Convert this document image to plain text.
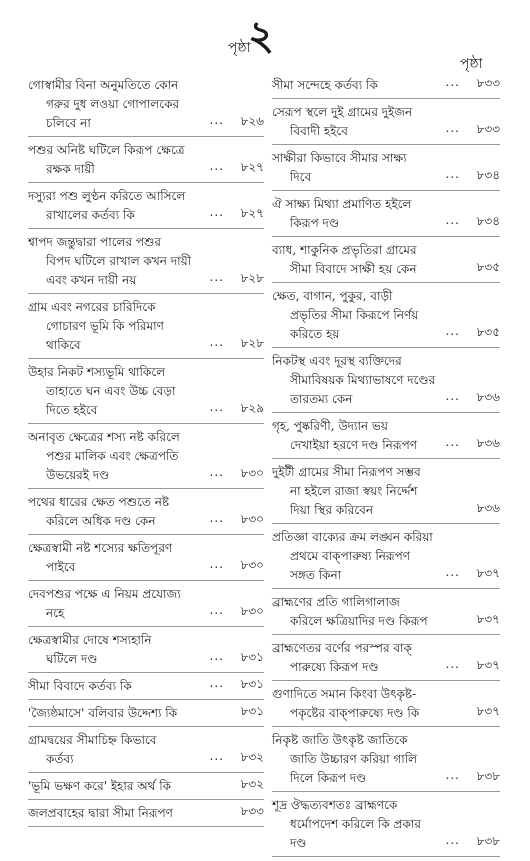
পৃষ্ঠা
২
পৃষ্ঠা
গোস্বামীর বিনা অনুমতিতে কোন
গরুর দুধ লওয়া গোপালকের
চলিবে না	... ৮২৬
পশুর অনিষ্ট ঘটিলে কিরূপ ক্ষেত্রে
রক্ষক দায়ী	... ৮২৭
দস্যুরা পশু লুণ্ঠন করিতে আসিলে
রাখালের কর্তব্য কি	... ৮২৭
শ্বাপদ জন্তুদ্বারা পালের পশুর
বিপদ ঘটিলে রাখাল কখন দায়ী
এবং কখন দায়ী নয়	... ৮২৮
গ্রাম এবং নগরের চারিদিকে
গোচারণ ভূমি কি পরিমাণ
থাকিবে	... ৮২৮
উহার নিকট শস্যভূমি থাকিলে
তাহাতে ঘন এবং উচ্চ বেড়া
দিতে হইবে	... ৮২৯
অনাবৃত ক্ষেত্রের শস্য নষ্ট করিলে
পশুর মালিক এবং ক্ষেত্রপতি
উভয়েরই দণ্ড	... ৮৩০
পথের ধারের ক্ষেত পশুতে নষ্ট
করিলে অধিক দণ্ড কেন	... ৮৩০
ক্ষেত্রস্বামী নষ্ট শস্যের ক্ষতিপূরণ
পাইবে	... ৮৩০
দেবপশুর পক্ষে এ নিয়ম প্রযোজ্য
নহে	... ৮৩০
ক্ষেত্রস্বামীর দোষে শস্যহানি
ঘটিলে দণ্ড	... ৮৩১
সীমা বিবাদে কর্তব্য কি	... ৮৩১
'জ্যৈষ্ঠমাসে' বলিবার উদ্দেশ্য কি	৮৩১
গ্রামদ্বয়ের সীমাচিহ্ন কিভাবে
কর্তব্য	... ৮৩২
'ভূমি ভক্ষণ করে' ইহার অর্থ কি	৮৩২
জলপ্রবাহের দ্বারা সীমা নিরূপণ	৮৩৩
সীমা সন্দেহে কর্তব্য কি	... ৮৩৩
সেরূপ স্থলে দুই গ্রামের দুইজন
বিবাদী হইবে	... ৮৩৩
সাক্ষীরা কিভাবে সীমার সাক্ষ্য
দিবে	... ৮৩৪
ঐ সাক্ষ্য মিথ্যা প্রমাণিত হইলে
কিরূপ দণ্ড	... ৮৩৪
ব্যাধ, শাকুনিক প্রভৃতিরা গ্রামের
সীমা বিবাদে সাক্ষী হয় কেন	৮৩৫
ক্ষেত, বাগান, পুকুর, বাড়ী
প্রভৃতির সীমা কিরূপে নির্ণয়
করিতে হয়	... ৮৩৫
নিকটস্থ এবং দূরস্থ ব্যক্তিদের
সীমাবিষয়ক মিথ্যাভাষণে দণ্ডের
তারতম্য কেন	... ৮৩৬
গৃহ, পুষ্করিণী, উদ্যান ভয়
দেখাইয়া হরণে দণ্ড নিরূপণ	... ৮৩৬
দুইটী গ্রামের সীমা নিরূপণ সম্ভব
না হইলে রাজা স্বয়ং নির্দ্দেশ
দিয়া স্থির করিবেন	৮৩৬
প্রতিজ্ঞা বাক্যের ক্রম লঙ্ঘন করিয়া
প্রথমে বাক্পারুষ্য নিরূপণ
সঙ্গত কিনা	... ৮৩৭
ব্রাহ্মণের প্রতি গালিগালাজ
করিলে ক্ষত্রিয়াদির দণ্ড কিরূপ	৮৩৭
ব্রাহ্মণেতর বর্ণের পরস্পর বাক্
পারুষ্যে কিরূপ দণ্ড	... ৮৩৭
গুণাদিতে সমান কিংবা উৎকৃষ্ট-
পকৃষ্টের বাক্পারুষ্যে দণ্ড কি	৮৩৭
নিকৃষ্ট জাতি উৎকৃষ্ট জাতিকে
জাতি উচ্চারণ করিয়া গালি
দিলে কিরূপ দণ্ড	... ৮৩৮
শূদ্র ঔদ্ধত্যবশতঃ ব্রাহ্মণকে
ধর্মোপদেশ করিলে কি প্রকার
দণ্ড	... ৮৩৮
